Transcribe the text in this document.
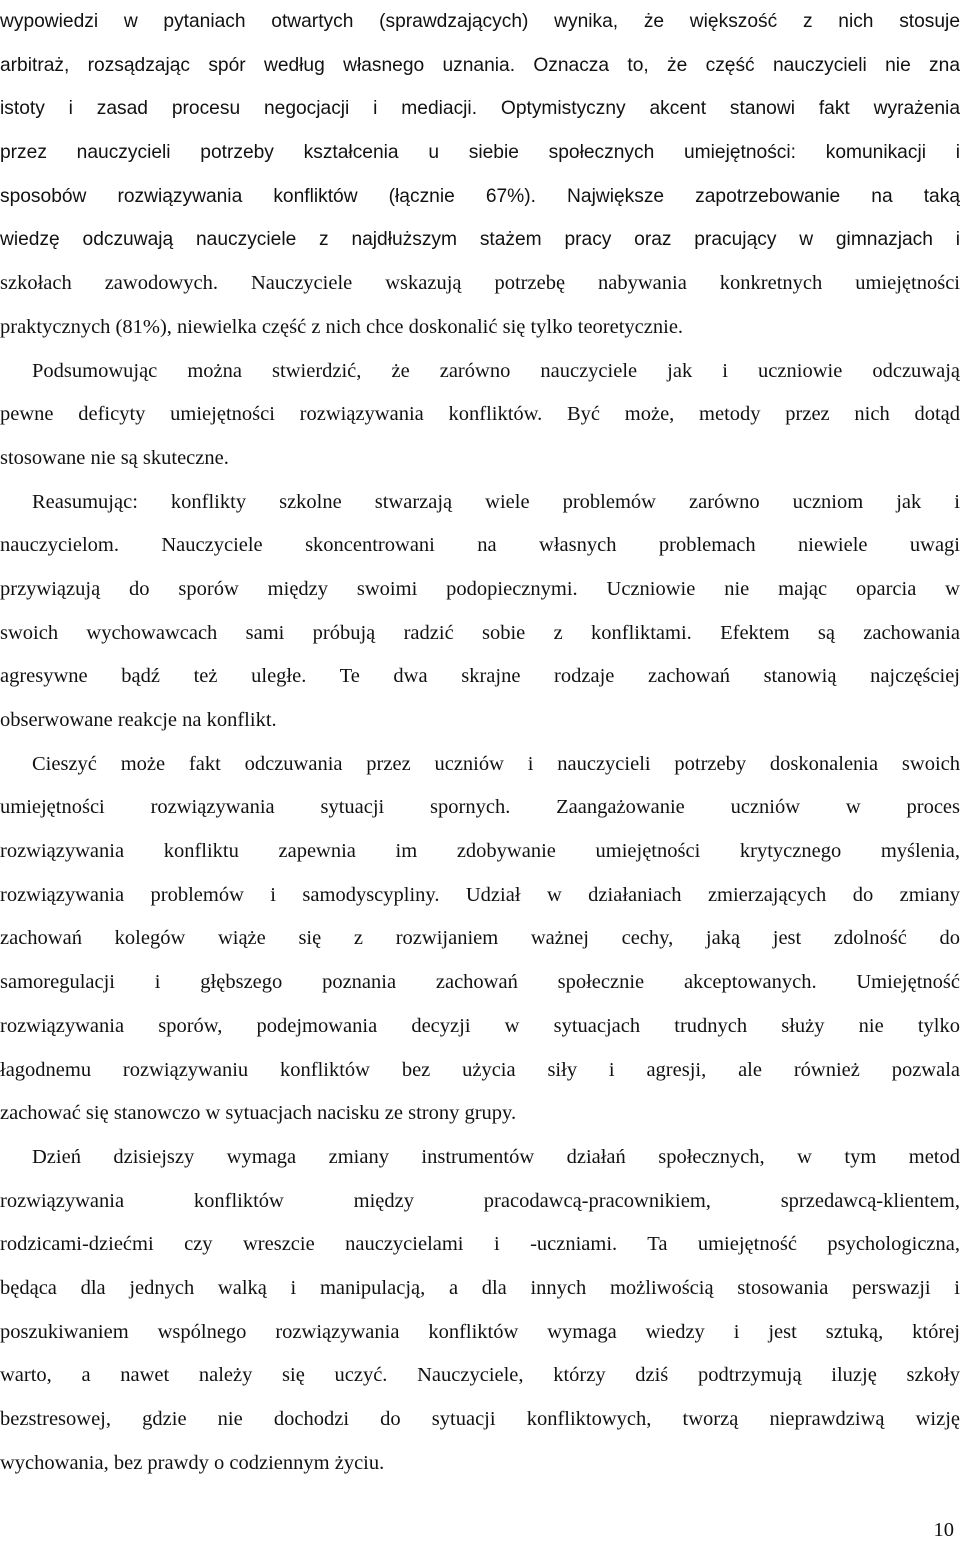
wypowiedzi w pytaniach otwartych (sprawdzających) wynika, że większość z nich stosuje
arbitraż, rozsądzając spór według własnego uznania. Oznacza to, że część nauczycieli nie zna
istoty i zasad procesu negocjacji i mediacji. Optymistyczny akcent stanowi fakt wyrażenia
przez nauczycieli potrzeby kształcenia u siebie społecznych umiejętności: komunikacji i
sposobów rozwiązywania konfliktów (łącznie 67%). Największe zapotrzebowanie na taką
wiedzę odczuwają nauczyciele z najdłuższym stażem pracy oraz pracujący w gimnazjach i
szkołach zawodowych. Nauczyciele wskazują potrzebę nabywania konkretnych umiejętności
praktycznych (81%), niewielka część z nich chce doskonalić się tylko teoretycznie.
Podsumowując można stwierdzić, że zarówno nauczyciele jak i uczniowie odczuwają
pewne deficyty umiejętności rozwiązywania konfliktów. Być może, metody przez nich dotąd
stosowane nie są skuteczne.
Reasumując: konflikty szkolne stwarzają wiele problemów zarówno uczniom jak i
nauczycielom. Nauczyciele skoncentrowani na własnych problemach niewiele uwagi
przywiązują do sporów między swoimi podopiecznymi. Uczniowie nie mając oparcia w
swoich wychowawcach sami próbują radzić sobie z konfliktami. Efektem są zachowania
agresywne bądź też uległe. Te dwa skrajne rodzaje zachowań stanowią najczęściej
obserwowane reakcje na konflikt.
Cieszyć może fakt odczuwania przez uczniów i nauczycieli potrzeby doskonalenia swoich
umiejętności rozwiązywania sytuacji spornych. Zaangażowanie uczniów w proces
rozwiązywania konfliktu zapewnia im zdobywanie umiejętności krytycznego myślenia,
rozwiązywania problemów i samodyscypliny. Udział w działaniach zmierzających do zmiany
zachowań kolegów wiąże się z rozwijaniem ważnej cechy, jaką jest zdolność do
samoregulacji i głębszego poznania zachowań społecznie akceptowanych. Umiejętność
rozwiązywania sporów, podejmowania decyzji w sytuacjach trudnych służy nie tylko
łagodnemu rozwiązywaniu konfliktów bez użycia siły i agresji, ale również pozwala
zachować się stanowczo w sytuacjach nacisku ze strony grupy.
Dzień dzisiejszy wymaga zmiany instrumentów działań społecznych, w tym metod
rozwiązywania konfliktów między pracodawcą-pracownikiem, sprzedawcą-klientem,
rodzicami-dziećmi czy wreszcie nauczycielami i -uczniami. Ta umiejętność psychologiczna,
będąca dla jednych walką i manipulacją, a dla innych możliwością stosowania perswazji i
poszukiwaniem wspólnego rozwiązywania konfliktów wymaga wiedzy i jest sztuką, której
warto, a nawet należy się uczyć. Nauczyciele, którzy dziś podtrzymują iluzję szkoły
bezstresowej, gdzie nie dochodzi do sytuacji konfliktowych, tworzą nieprawdziwą wizję
wychowania, bez prawdy o codziennym życiu.
10
